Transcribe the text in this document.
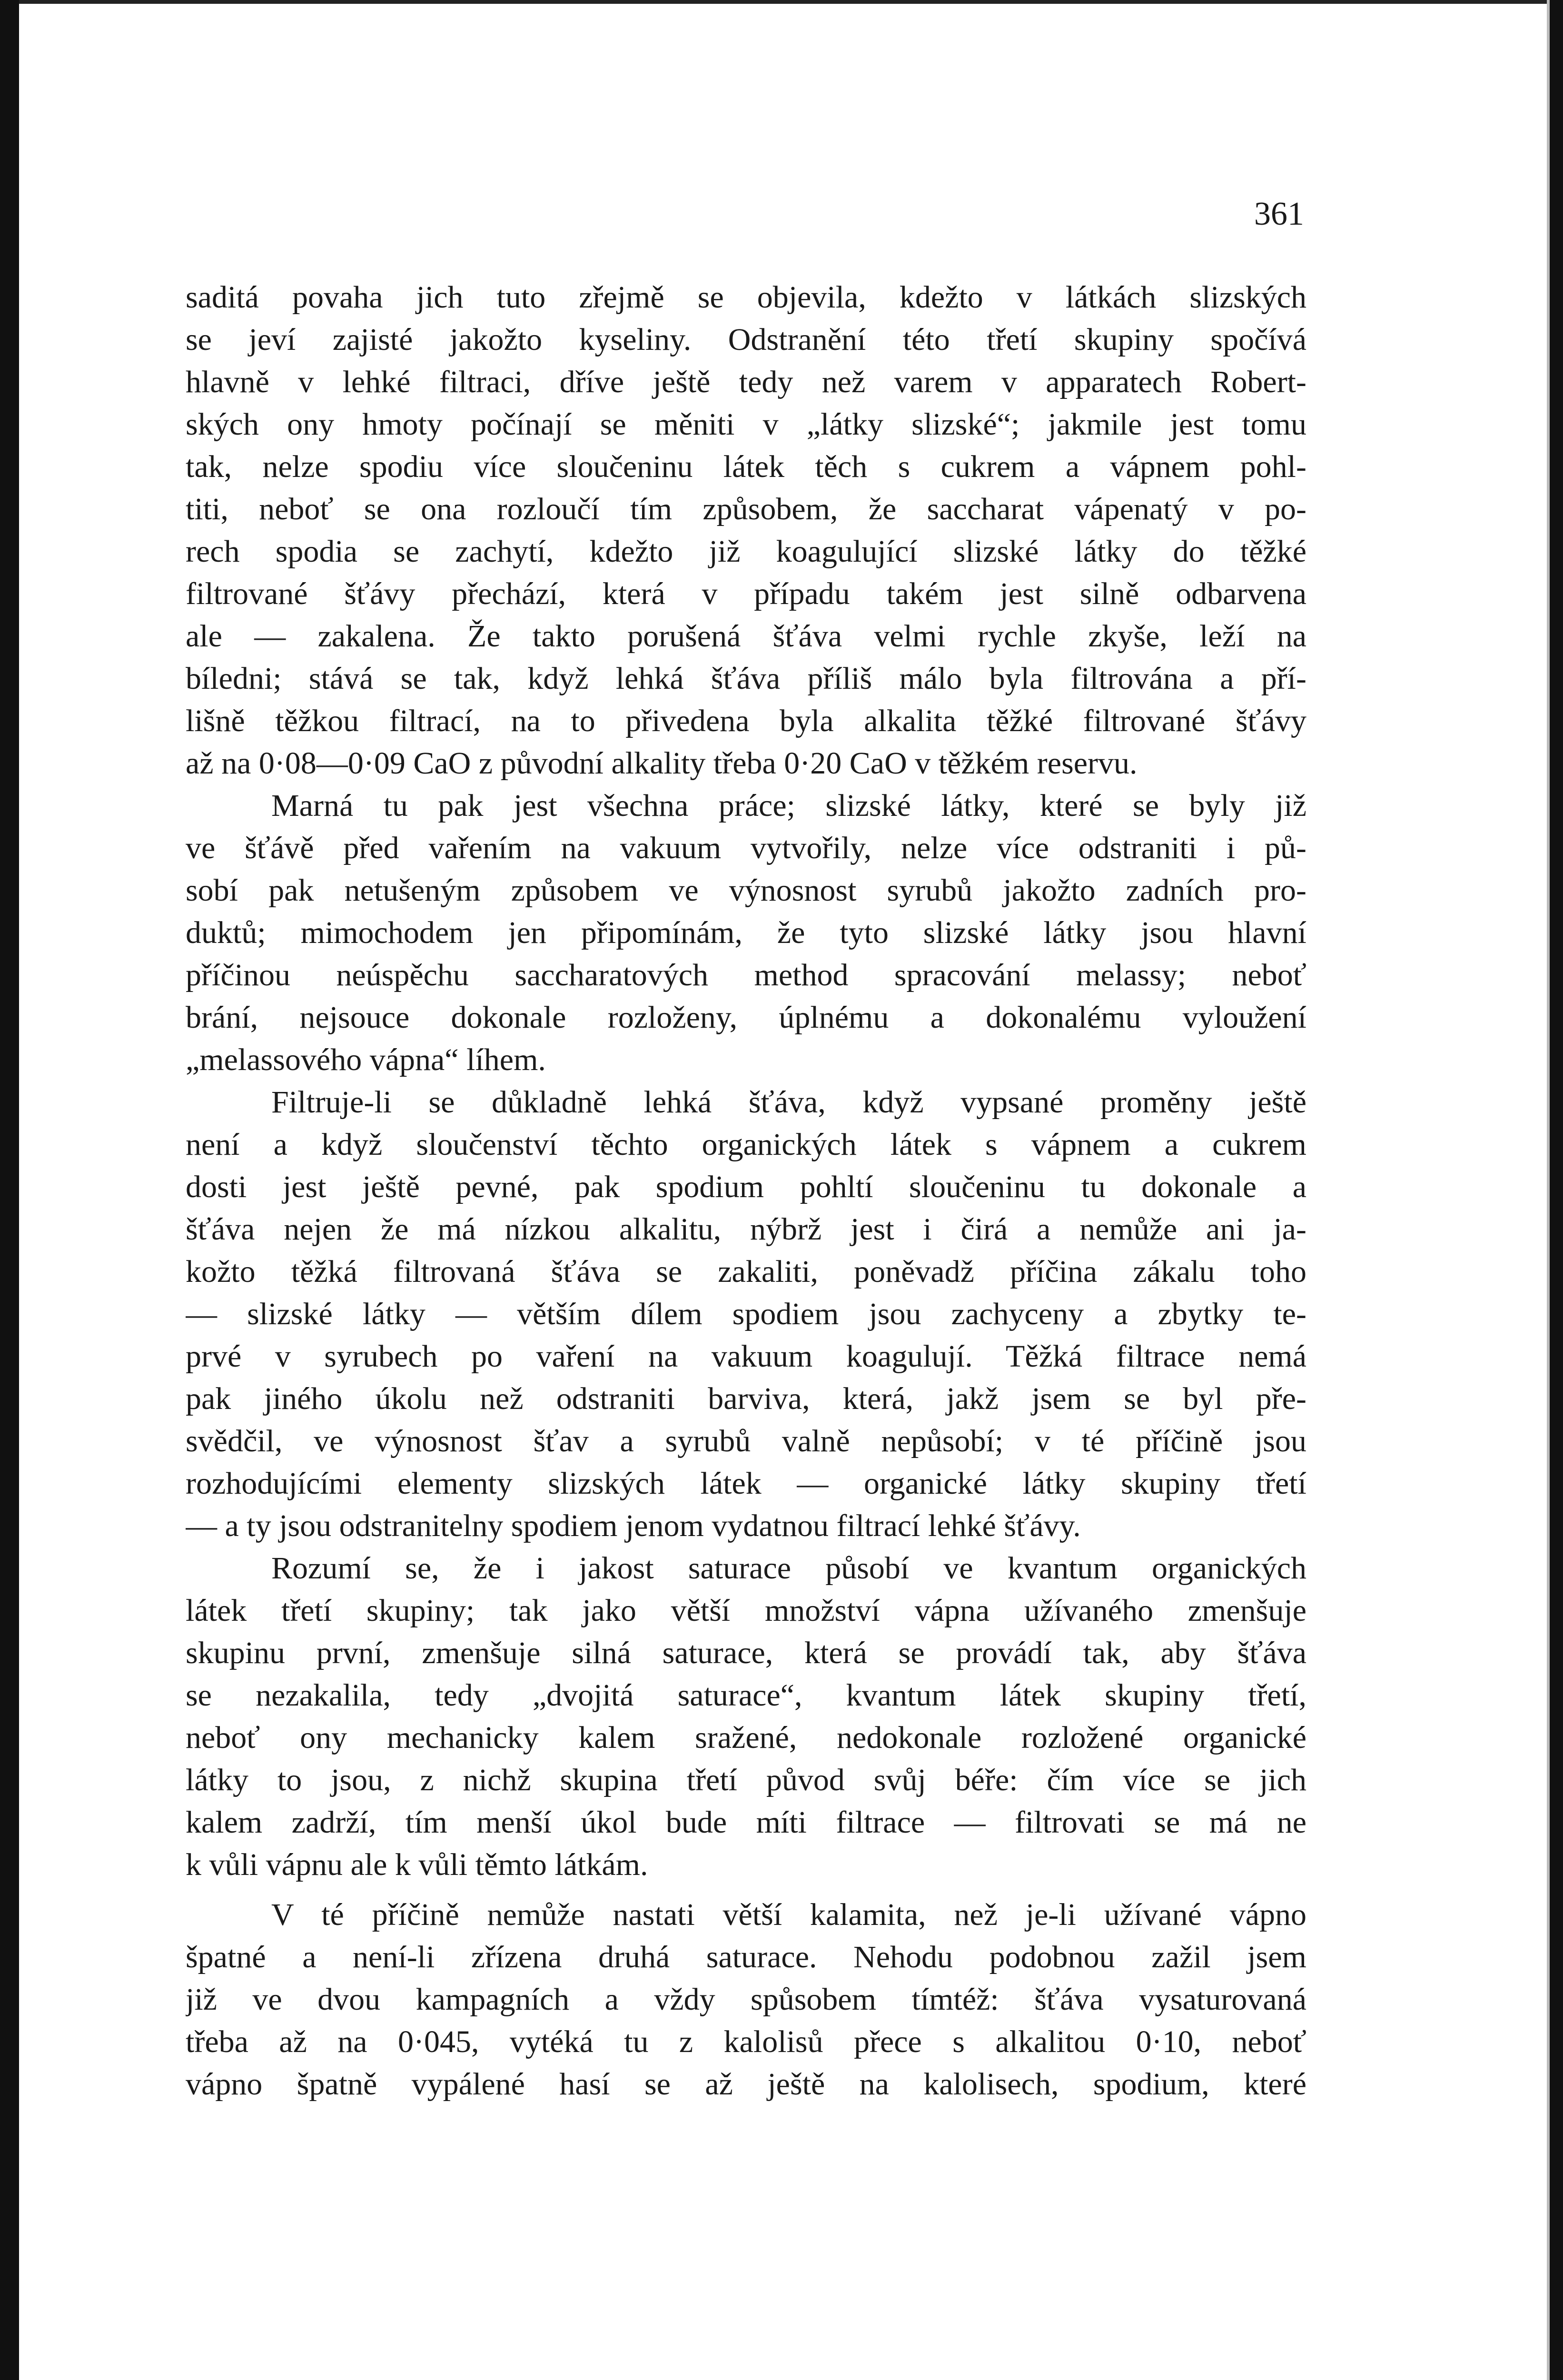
361
saditá povaha jich tuto zřejmě se objevila, kdežto v látkách slizských
se jeví zajisté jakožto kyseliny. Odstranění této třetí skupiny spočívá
hlavně v lehké filtraci, dříve ještě tedy než varem v apparatech Robert-
ských ony hmoty počínají se měniti v „látky slizské“; jakmile jest tomu
tak, nelze spodiu více sloučeninu látek těch s cukrem a vápnem pohl-
titi, neboť se ona rozloučí tím způsobem, že saccharat vápenatý v po-
rech spodia se zachytí, kdežto již koagulující slizské látky do těžké
filtrované šťávy přechází, která v případu takém jest silně odbarvena
ale — zakalena. Že takto porušená šťáva velmi rychle zkyše, leží na
bíledni; stává se tak, když lehká šťáva příliš málo byla filtrována a pří-
lišně těžkou filtrací, na to přivedena byla alkalita těžké filtrované šťávy
až na 0·08—0·09 CaO z původní alkality třeba 0·20 CaO v těžkém reservu.
Marná tu pak jest všechna práce; slizské látky, které se byly již
ve šťávě před vařením na vakuum vytvořily, nelze více odstraniti i pů-
sobí pak netušeným způsobem ve výnosnost syrubů jakožto zadních pro-
duktů; mimochodem jen připomínám, že tyto slizské látky jsou hlavní
příčinou neúspěchu saccharatových method spracování melassy; neboť
brání, nejsouce dokonale rozloženy, úplnému a dokonalému vyloužení
„melassového vápna“ líhem.
Filtruje-li se důkladně lehká šťáva, když vypsané proměny ještě
není a když sloučenství těchto organických látek s vápnem a cukrem
dosti jest ještě pevné, pak spodium pohltí sloučeninu tu dokonale a
šťáva nejen že má nízkou alkalitu, nýbrž jest i čirá a nemůže ani ja-
kožto těžká filtrovaná šťáva se zakaliti, poněvadž příčina zákalu toho
— slizské látky — větším dílem spodiem jsou zachyceny a zbytky te-
prvé v syrubech po vaření na vakuum koagulují. Těžká filtrace nemá
pak jiného úkolu než odstraniti barviva, která, jakž jsem se byl pře-
svědčil, ve výnosnost šťav a syrubů valně nepůsobí; v té příčině jsou
rozhodujícími elementy slizských látek — organické látky skupiny třetí
— a ty jsou odstranitelny spodiem jenom vydatnou filtrací lehké šťávy.
Rozumí se, že i jakost saturace působí ve kvantum organických
látek třetí skupiny; tak jako větší množství vápna užívaného zmenšuje
skupinu první, zmenšuje silná saturace, která se provádí tak, aby šťáva
se nezakalila, tedy „dvojitá saturace“, kvantum látek skupiny třetí,
neboť ony mechanicky kalem sražené, nedokonale rozložené organické
látky to jsou, z nichž skupina třetí původ svůj béře: čím více se jich
kalem zadrží, tím menší úkol bude míti filtrace — filtrovati se má ne
k vůli vápnu ale k vůli těmto látkám.
V té příčině nemůže nastati větší kalamita, než je-li užívané vápno
špatné a není-li zřízena druhá saturace. Nehodu podobnou zažil jsem
již ve dvou kampagních a vždy spůsobem tímtéž: šťáva vysaturovaná
třeba až na 0·045, vytéká tu z kalolisů přece s alkalitou 0·10, neboť
vápno špatně vypálené hasí se až ještě na kalolisech, spodium, které
